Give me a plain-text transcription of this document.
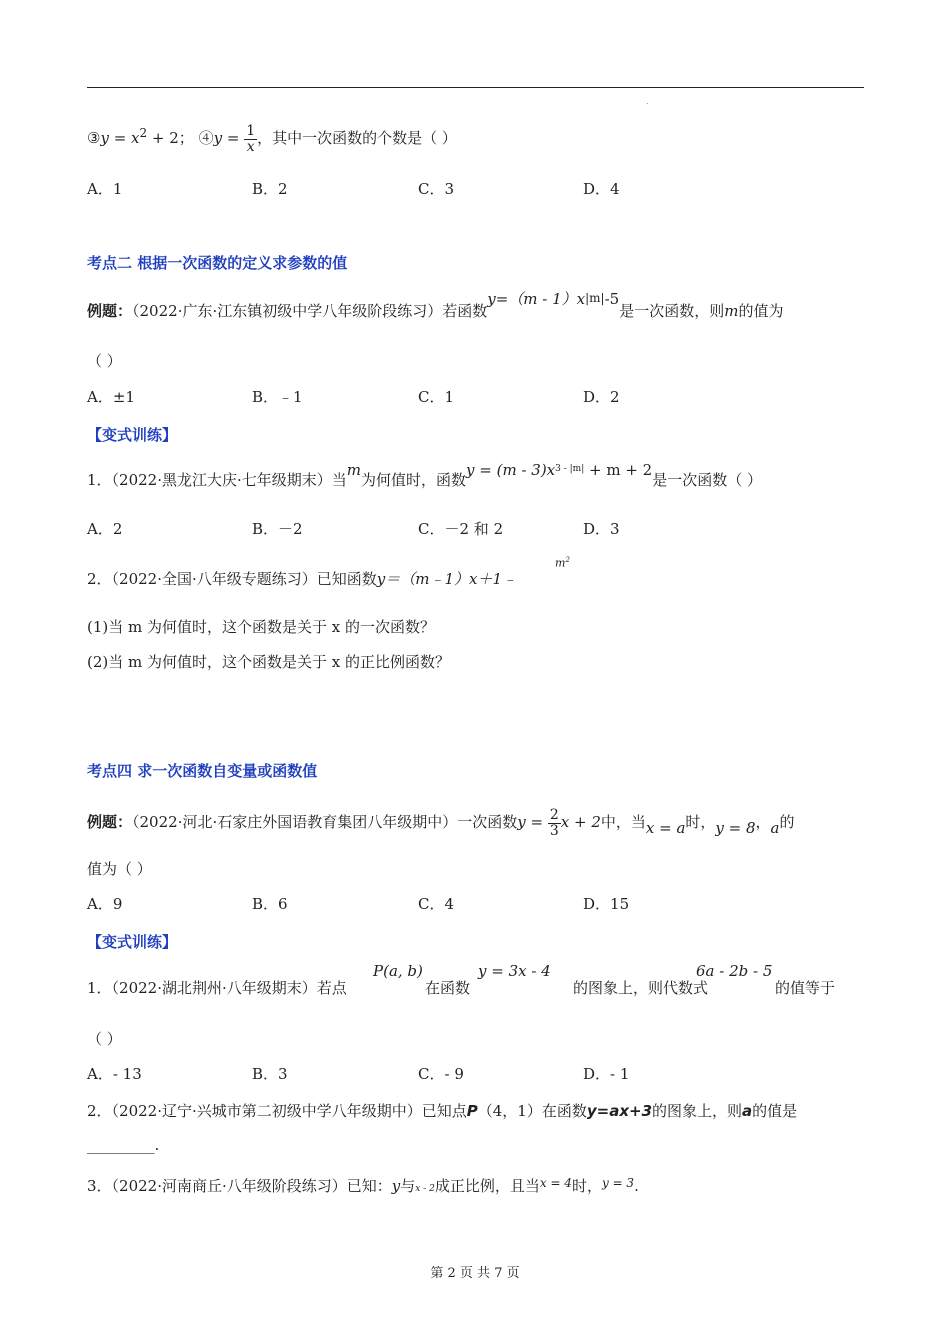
.
③y = $x^2 + 2$； ④y = $\frac{1}{x}$ ，其中一次函数的个数是（ ）
A．1	B．2	C．3	D．4
考点二 根据一次函数的定义求参数的值
例题：（2022·广东·江东镇初级中学八年级阶段练习）若函数$y=(m - 1)x^{|m|}-5$是一次函数，则m的值为
（ ）
A．±1	B．﹣1	C．1	D．2
【变式训练】
1．（2022·黑龙江大庆·七年级期末）当m为何值时，函数$y = (m - 3)x^{3 - |m|} + m + 2$是一次函数（ ）
A．2	B．－2	C．－2 和 2	D．3
2．（2022·全国·八年级专题练习）已知函数y＝（m﹣1）x＋1﹣
$m^2$
(1)当 m 为何值时，这个函数是关于 x 的一次函数？
(2)当 m 为何值时，这个函数是关于 x 的正比例函数？
考点四 求一次函数自变量或函数值
例题：（2022·河北·石家庄外国语教育集团八年级期中）一次函数$y = \frac{2}{3}$ x + 2中，当x = a时，y = 8，a的
值为（ ）
A．9	B．6	C．4	D．15
【变式训练】
1．（2022·湖北荆州·八年级期末）若点
P(a, b)
在函数
y = 3x - 4
的图象上，则代数式
6a - 2b - 5
的值等于
（ ）
A．- 13	B．3	C．- 9	D．- 1
2．（2022·辽宁·兴城市第二初级中学八年级期中）已知点P（4，1）在函数y=ax+3的图象上，则a的值是
_________.
3．（2022·河南商丘·八年级阶段练习）已知：y与x - 2成正比例，且当$^{x = 4}$时，$^{y = 3}$.
第 2 页 共 7 页
